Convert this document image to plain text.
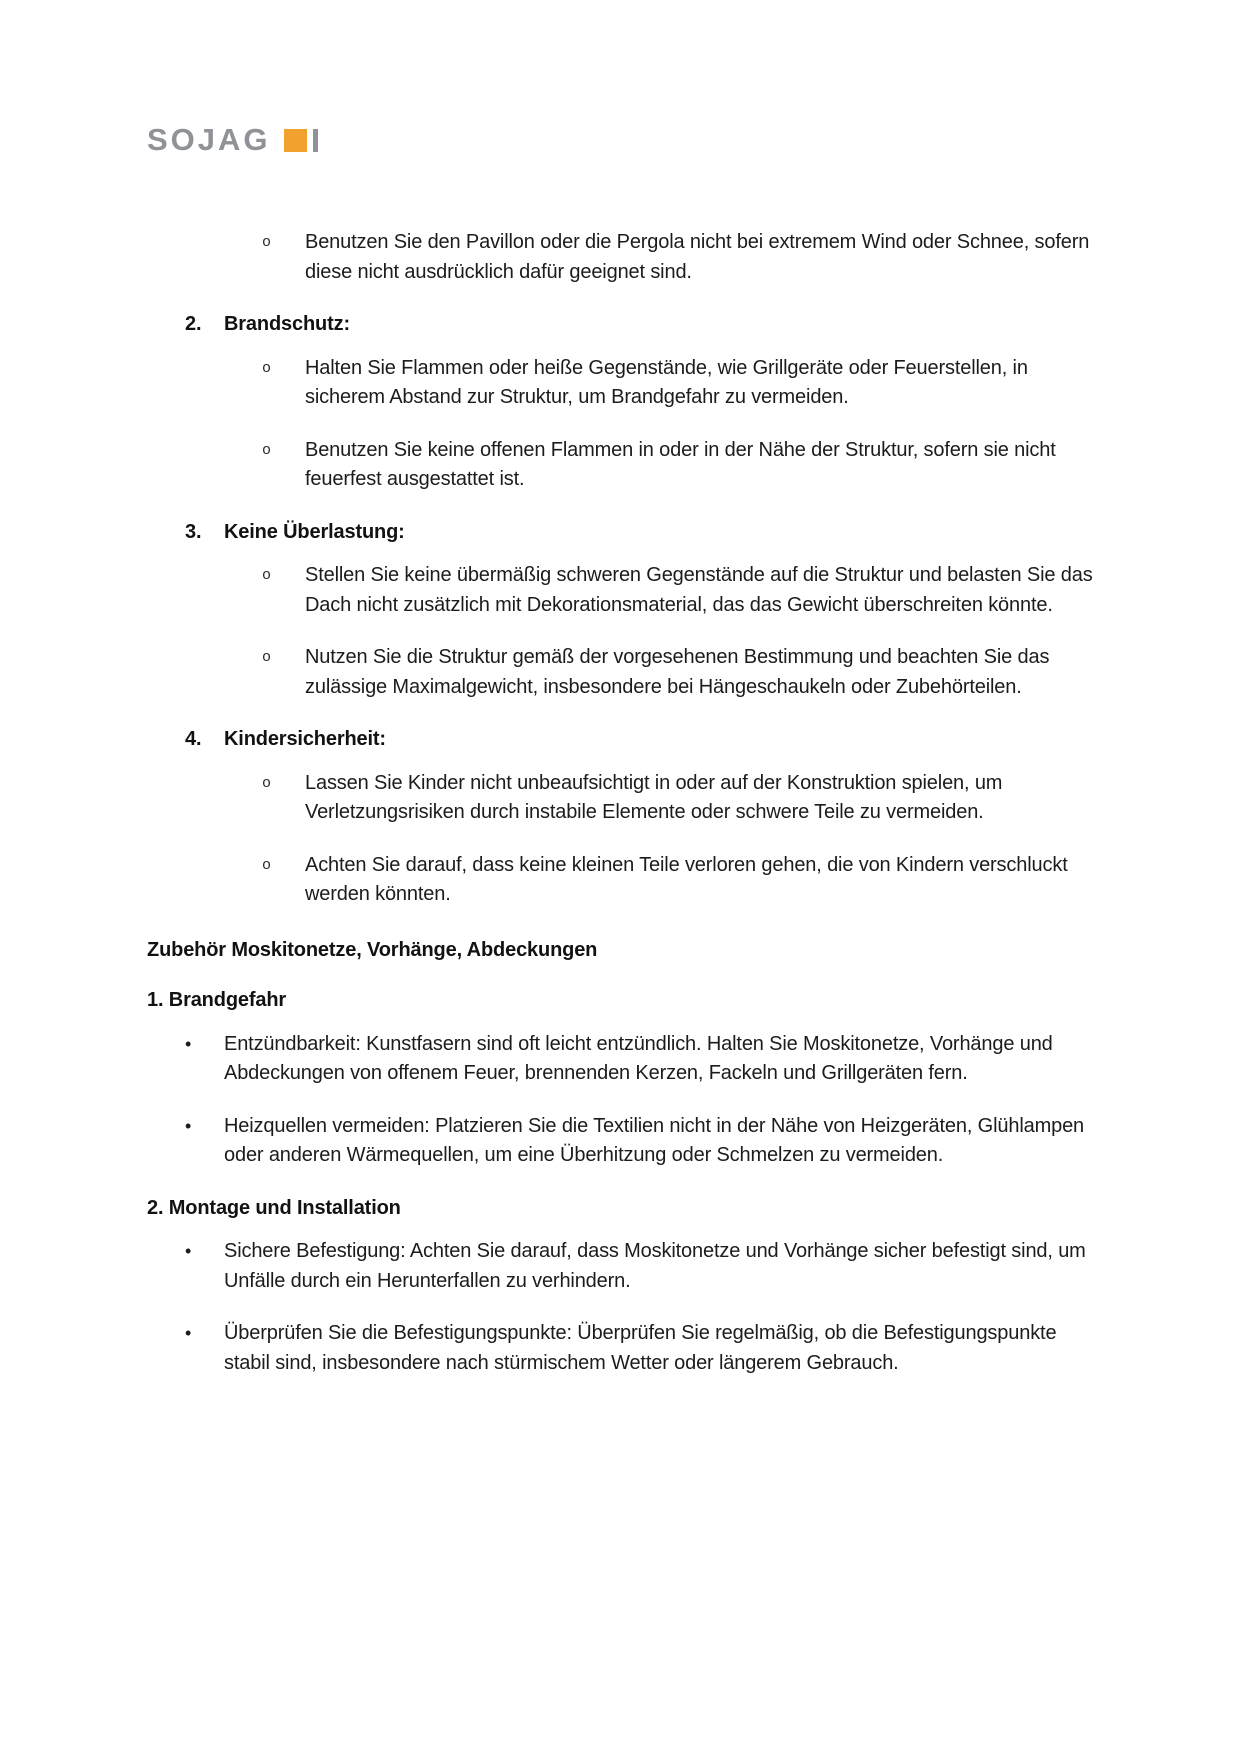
SOJAG
o	Benutzen Sie den Pavillon oder die Pergola nicht bei extremem Wind oder Schnee, sofern diese nicht ausdrücklich dafür geeignet sind.
2.	Brandschutz:
o	Halten Sie Flammen oder heiße Gegenstände, wie Grillgeräte oder Feuerstellen, in sicherem Abstand zur Struktur, um Brandgefahr zu vermeiden.
o	Benutzen Sie keine offenen Flammen in oder in der Nähe der Struktur, sofern sie nicht feuerfest ausgestattet ist.
3.	Keine Überlastung:
o	Stellen Sie keine übermäßig schweren Gegenstände auf die Struktur und belasten Sie das Dach nicht zusätzlich mit Dekorationsmaterial, das das Gewicht überschreiten könnte.
o	Nutzen Sie die Struktur gemäß der vorgesehenen Bestimmung und beachten Sie das zulässige Maximalgewicht, insbesondere bei Hängeschaukeln oder Zubehörteilen.
4.	Kindersicherheit:
o	Lassen Sie Kinder nicht unbeaufsichtigt in oder auf der Konstruktion spielen, um Verletzungsrisiken durch instabile Elemente oder schwere Teile zu vermeiden.
o	Achten Sie darauf, dass keine kleinen Teile verloren gehen, die von Kindern verschluckt werden könnten.
Zubehör Moskitonetze, Vorhänge, Abdeckungen
1. Brandgefahr
•	Entzündbarkeit: Kunstfasern sind oft leicht entzündlich. Halten Sie Moskitonetze, Vorhänge und Abdeckungen von offenem Feuer, brennenden Kerzen, Fackeln und Grillgeräten fern.
•	Heizquellen vermeiden: Platzieren Sie die Textilien nicht in der Nähe von Heizgeräten, Glühlampen oder anderen Wärmequellen, um eine Überhitzung oder Schmelzen zu vermeiden.
2. Montage und Installation
•	Sichere Befestigung: Achten Sie darauf, dass Moskitonetze und Vorhänge sicher befestigt sind, um Unfälle durch ein Herunterfallen zu verhindern.
•	Überprüfen Sie die Befestigungspunkte: Überprüfen Sie regelmäßig, ob die Befestigungspunkte stabil sind, insbesondere nach stürmischem Wetter oder längerem Gebrauch.
